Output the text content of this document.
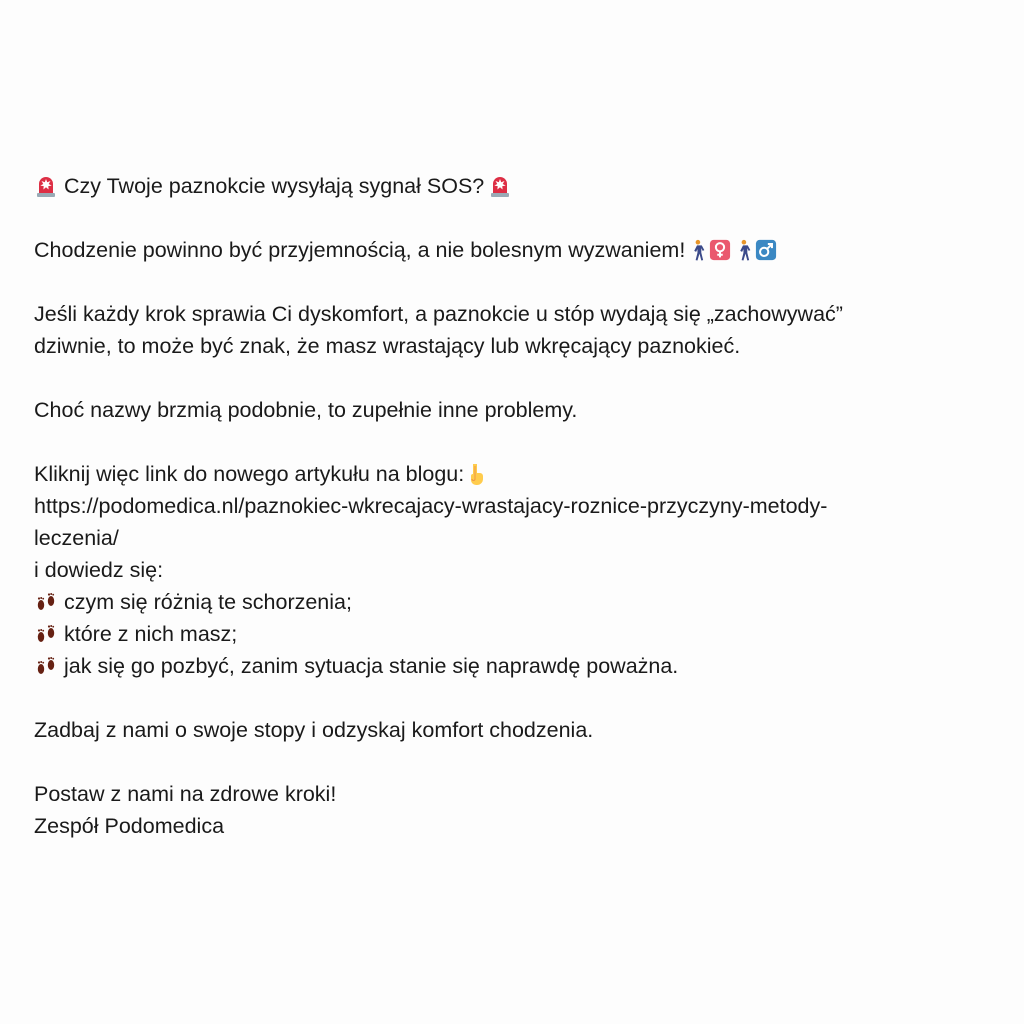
Czy Twoje paznokcie wysyłają sygnał SOS?
Chodzenie powinno być przyjemnością, a nie bolesnym wyzwaniem!
Jeśli każdy krok sprawia Ci dyskomfort, a paznokcie u stóp wydają się „zachowywać”
dziwnie, to może być znak, że masz wrastający lub wkręcający paznokieć.
Choć nazwy brzmią podobnie, to zupełnie inne problemy.
Kliknij więc link do nowego artykułu na blogu:
https://podomedica.nl/paznokiec-wkrecajacy-wrastajacy-roznice-przyczyny-metody-
leczenia/
i dowiedz się:
czym się różnią te schorzenia;
które z nich masz;
jak się go pozbyć, zanim sytuacja stanie się naprawdę poważna.
Zadbaj z nami o swoje stopy i odzyskaj komfort chodzenia.
Postaw z nami na zdrowe kroki!
Zespół Podomedica
